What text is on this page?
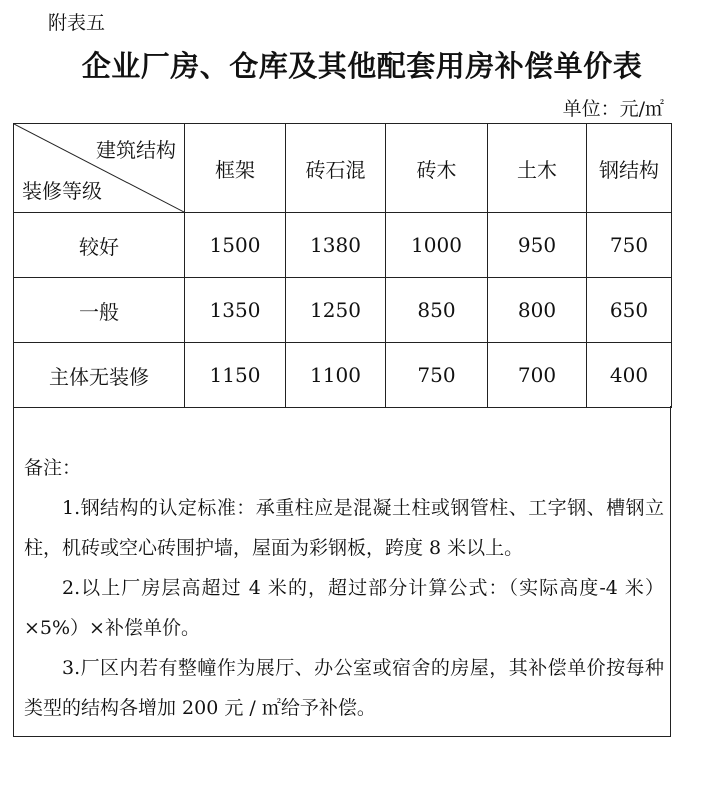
附表五
企业厂房、仓库及其他配套用房补偿单价表
单位：元/㎡
建筑结构
装修等级	框架	砖石混	砖木	土木	钢结构
较好	1500	1380	1000	950	750
一般	1350	1250	850	800	650
主体无装修	1150	1100	750	700	400
备注：

1.钢结构的认定标准：承重柱应是混凝土柱或钢管柱、工字钢、槽钢立柱，机砖或空心砖围护墙，屋面为彩钢板，跨度 8 米以上。

2.以上厂房层高超过 4 米的，超过部分计算公式：（实际高度-4 米）×5%）×补偿单价。

3.厂区内若有整幢作为展厅、办公室或宿舍的房屋，其补偿单价按每种类型的结构各增加 200 元 / ㎡给予补偿。
